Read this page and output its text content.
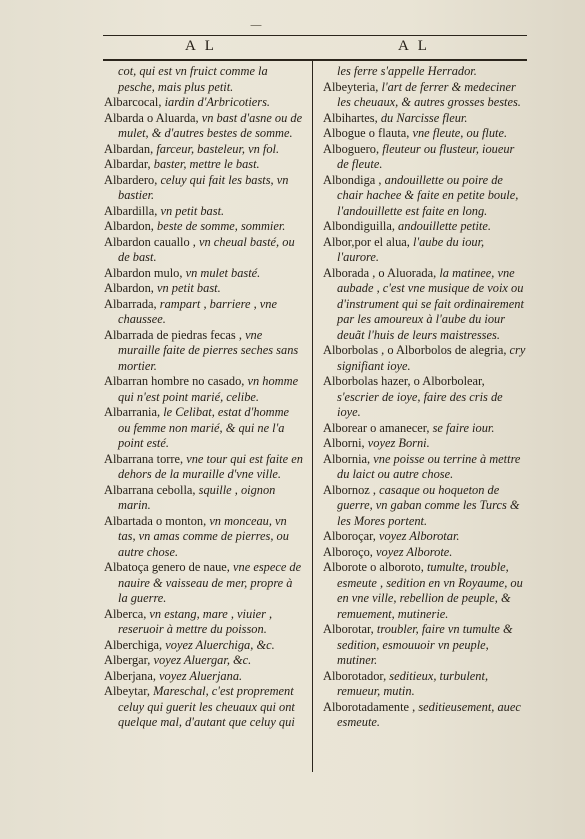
—
A L	A L

cot, qui est vn fruict comme la pesche, mais plus petit.

Albarcocal, iardin d'Arbricotiers.

Albarda o Aluarda, vn bast d'asne ou de mulet, & d'autres bestes de somme.

Albardan, farceur, basteleur, vn fol.

Albardar, baster, mettre le bast.

Albardero, celuy qui fait les basts, vn bastier.

Albardilla, vn petit bast.

Albardon, beste de somme, sommier.

Albardon cauallo , vn cheual basté, ou de bast.

Albardon mulo, vn mulet basté.

Albardon, vn petit bast.

Albarrada, rampart , barriere , vne chaussee.

Albarrada de piedras fecas , vne muraille faite de pierres seches sans mortier.

Albarran hombre no casado, vn homme qui n'est point marié, celibe.

Albarrania, le Celibat, estat d'homme ou femme non marié, & qui ne l'a point esté.

Albarrana torre, vne tour qui est faite en dehors de la muraille d'vne ville.

Albarrana cebolla, squille , oignon marin.

Albartada o monton, vn monceau, vn tas, vn amas comme de pierres, ou autre chose.

Albatoça genero de naue, vne espece de nauire & vaisseau de mer, propre à la guerre.

Alberca, vn estang, mare , viuier , reseruoir à mettre du poisson.

Alberchiga, voyez Aluerchiga, &c.

Albergar, voyez Aluergar, &c.

Alberjana, voyez Aluerjana.

Albeytar, Mareschal, c'est proprement celuy qui guerit les cheuaux qui ont quelque mal, d'autant que celuy qui

les ferre s'appelle Herrador.

Albeyteria, l'art de ferrer & medeciner les cheuaux, & autres grosses bestes.

Albihartes, du Narcisse fleur.

Albogue o flauta, vne fleute, ou flute.

Alboguero, fleuteur ou flusteur, ioueur de fleute.

Albondiga , andouillette ou poire de chair hachee & faite en petite boule, l'andouillette est faite en long.

Albondiguilla, andouillette petite.

Albor,por el alua, l'aube du iour, l'aurore.

Alborada , o Aluorada, la matinee, vne aubade , c'est vne musique de voix ou d'instrument qui se fait ordinairement par les amoureux à l'aube du iour deuãt l'huis de leurs maistresses.

Alborbolas , o Alborbolos de alegria, cry signifiant ioye.

Alborbolas hazer, o Alborbolear, s'escrier de ioye, faire des cris de ioye.

Alborear o amanecer, se faire iour.

Alborni, voyez Borni.

Albornia, vne poisse ou terrine à mettre du laict ou autre chose.

Albornoz , casaque ou hoqueton de guerre, vn gaban comme les Turcs & les Mores portent.

Alboroçar, voyez Alborotar.

Alboroço, voyez Alborote.

Alborote o alboroto, tumulte, trouble, esmeute , sedition en vn Royaume, ou en vne ville, rebellion de peuple, & remuement, mutinerie.

Alborotar, troubler, faire vn tumulte & sedition, esmouuoir vn peuple, mutiner.

Alborotador, seditieux, turbulent, remueur, mutin.

Alborotadamente , seditieusement, auec esmeute.
